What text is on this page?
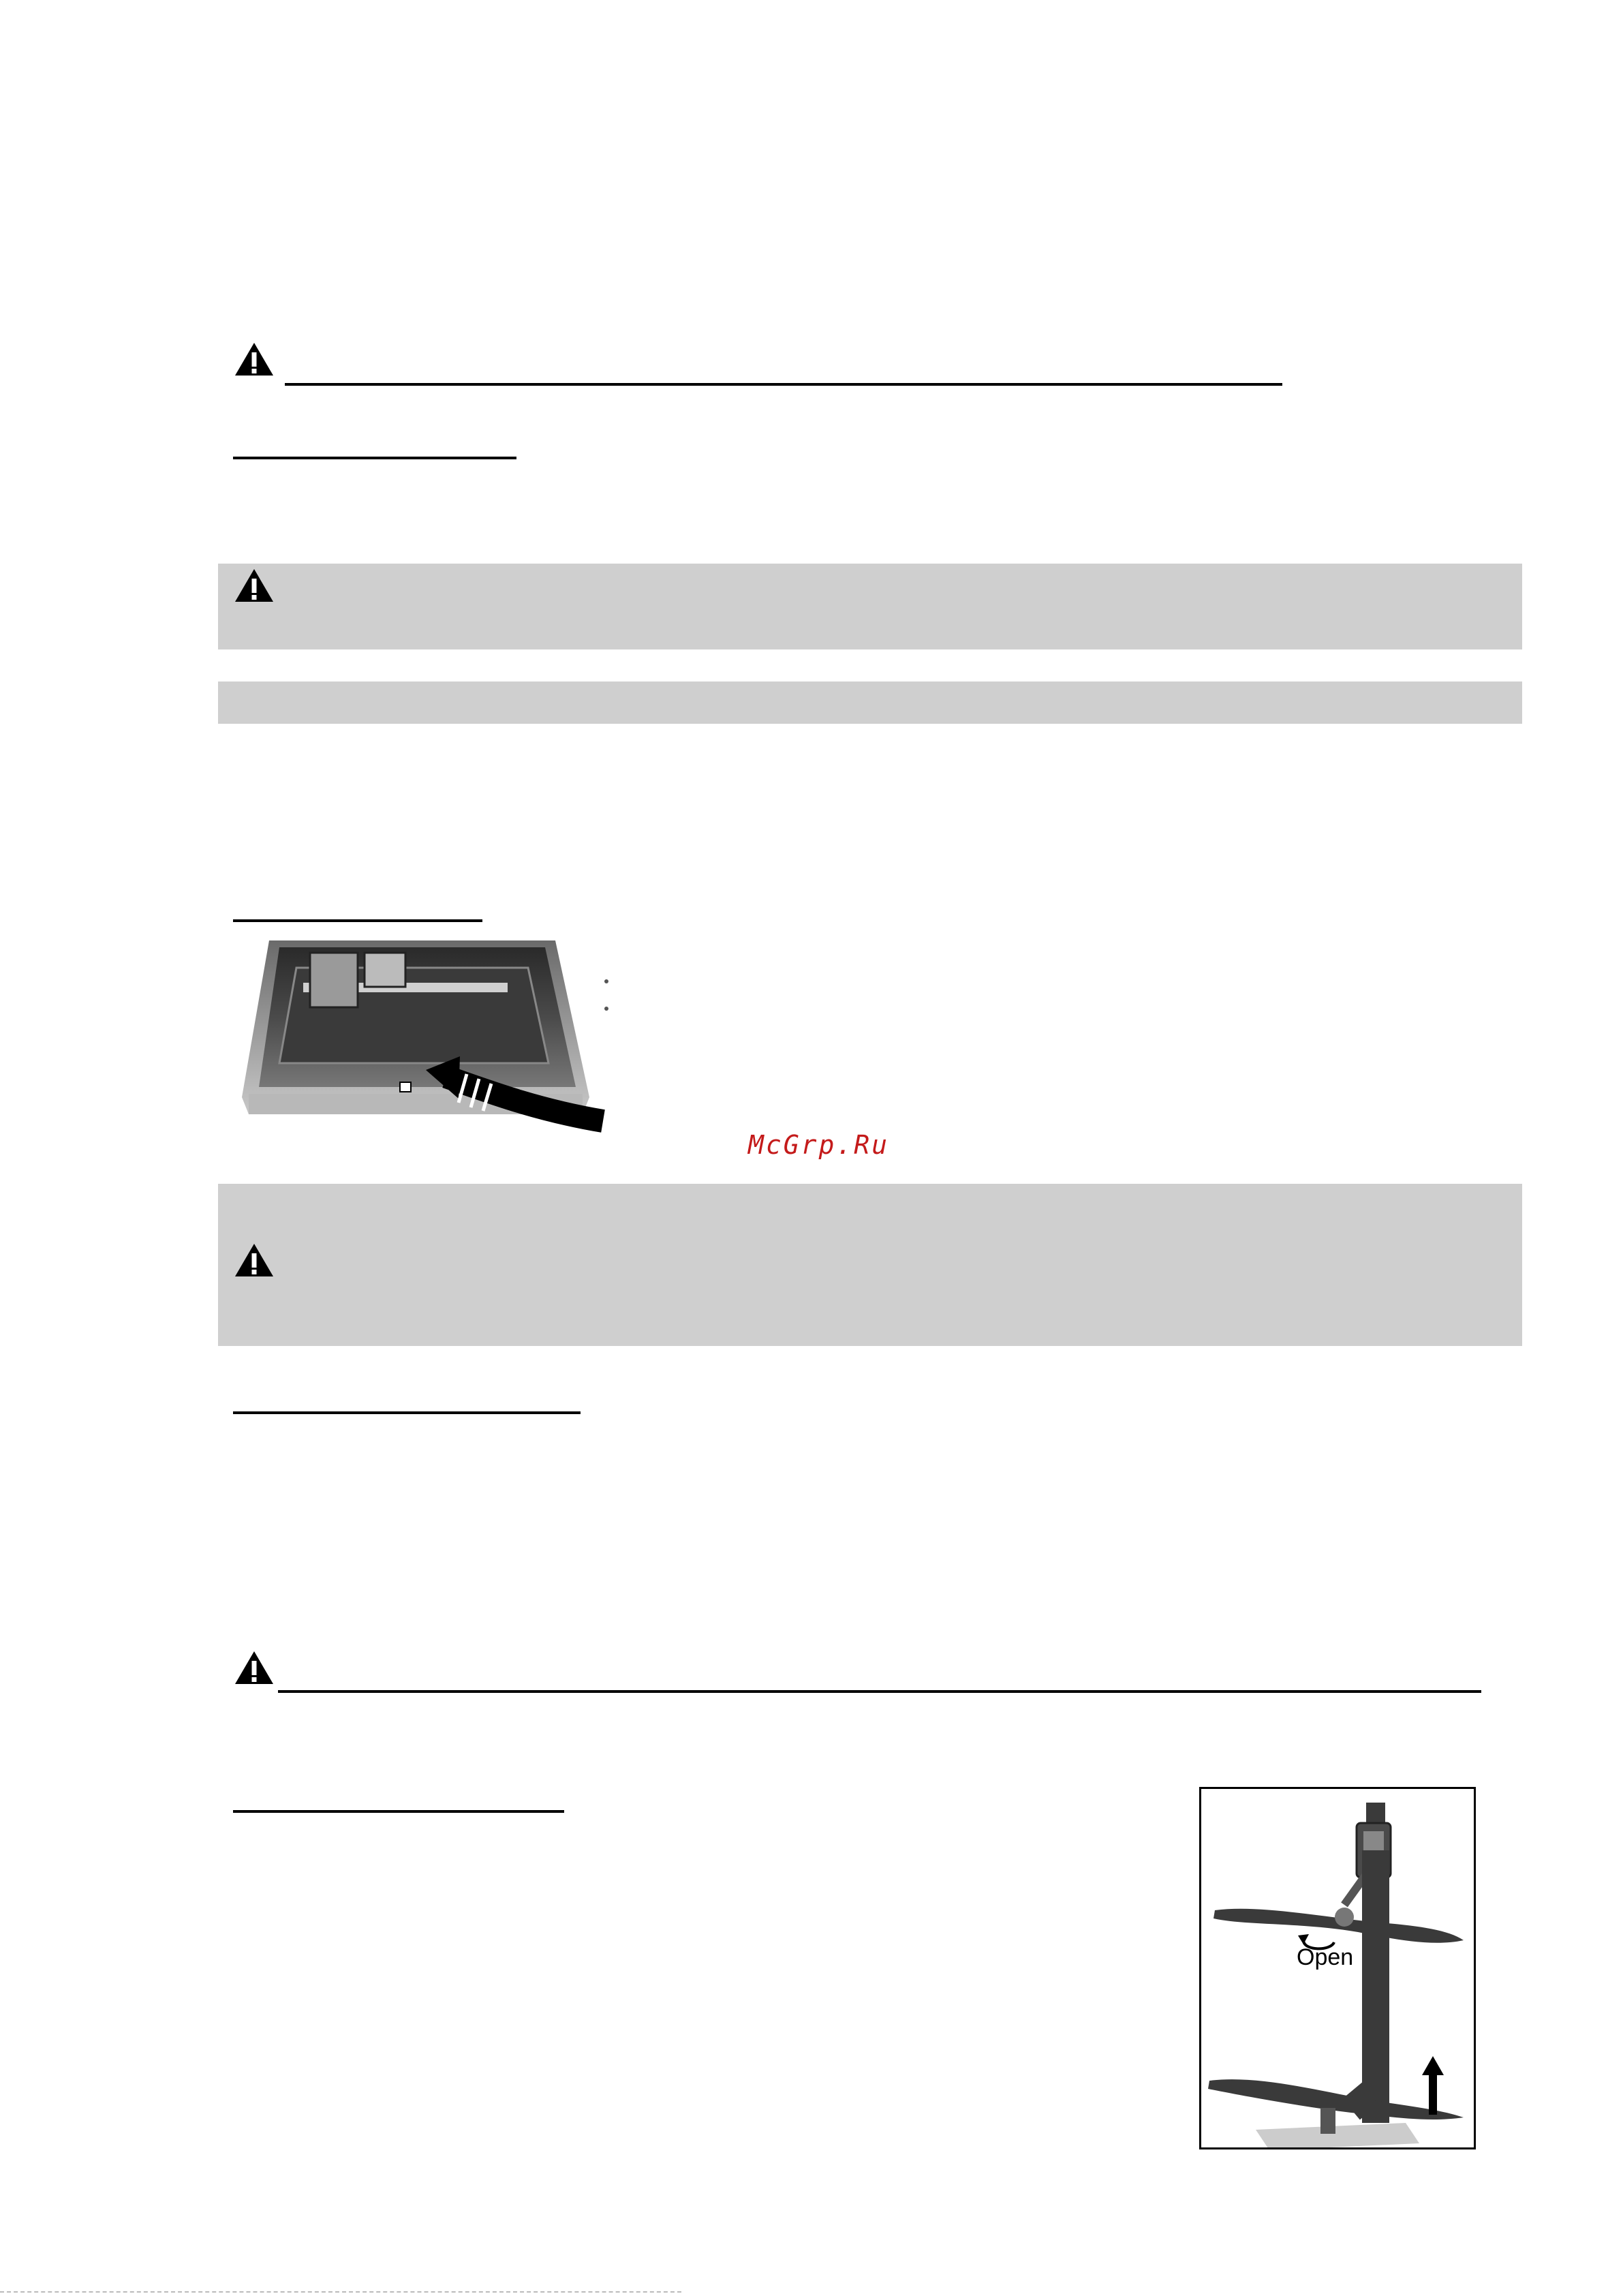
McGrp.Ru
Open
